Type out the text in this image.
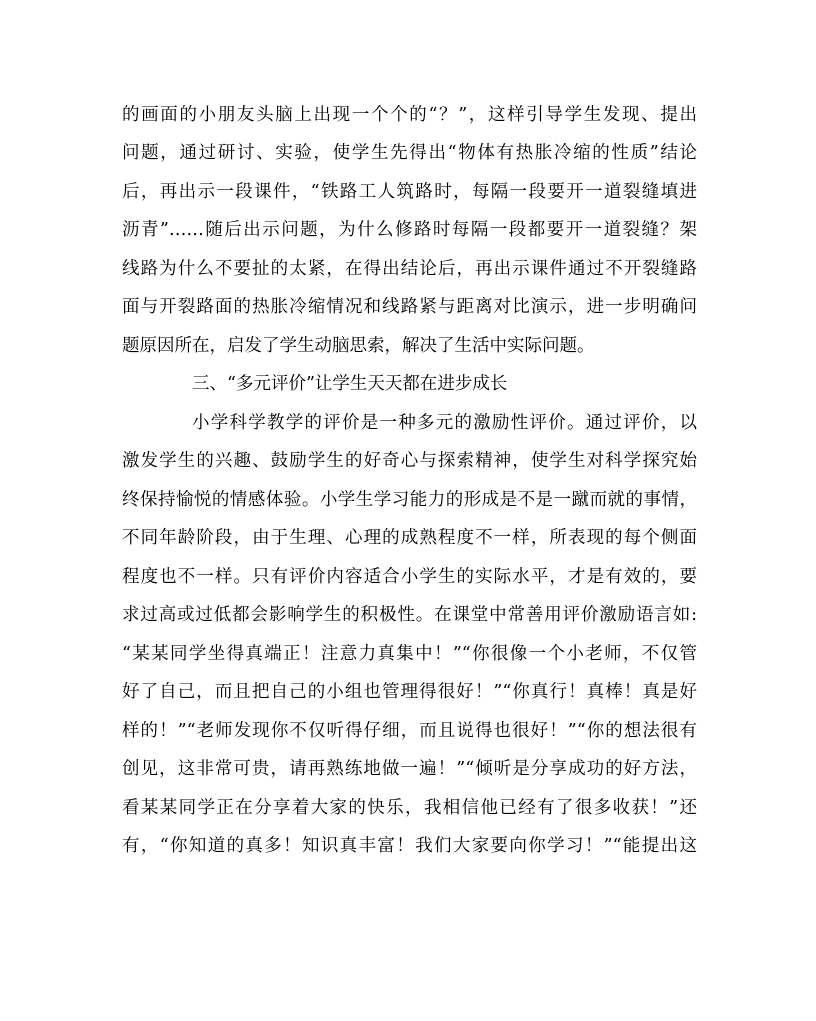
的画面的小朋友头脑上出现一个个的“？”，这样引导学生发现、提出
问题，通过研讨、实验，使学生先得出“物体有热胀冷缩的性质”结论
后，再出示一段课件，“铁路工人筑路时，每隔一段要开一道裂缝填进
沥青”……随后出示问题，为什么修路时每隔一段都要开一道裂缝？架
线路为什么不要扯的太紧，在得出结论后，再出示课件通过不开裂缝路
面与开裂路面的热胀冷缩情况和线路紧与距离对比演示，进一步明确问
题原因所在，启发了学生动脑思索，解决了生活中实际问题。
三、“多元评价”让学生天天都在进步成长
小学科学教学的评价是一种多元的激励性评价。通过评价，以
激发学生的兴趣、鼓励学生的好奇心与探索精神，使学生对科学探究始
终保持愉悦的情感体验。小学生学习能力的形成是不是一蹴而就的事情，
不同年龄阶段，由于生理、心理的成熟程度不一样，所表现的每个侧面
程度也不一样。只有评价内容适合小学生的实际水平，才是有效的，要
求过高或过低都会影响学生的积极性。在课堂中常善用评价激励语言如:
“某某同学坐得真端正！注意力真集中！”“你很像一个小老师，不仅管
好了自己，而且把自己的小组也管理得很好！”“你真行！真棒！真是好
样的！”“老师发现你不仅听得仔细，而且说得也很好！”“你的想法很有
创见，这非常可贵，请再熟练地做一遍！”“倾听是分享成功的好方法，
看某某同学正在分享着大家的快乐，我相信他已经有了很多收获！”还
有，“你知道的真多！知识真丰富！我们大家要向你学习！”“能提出这
